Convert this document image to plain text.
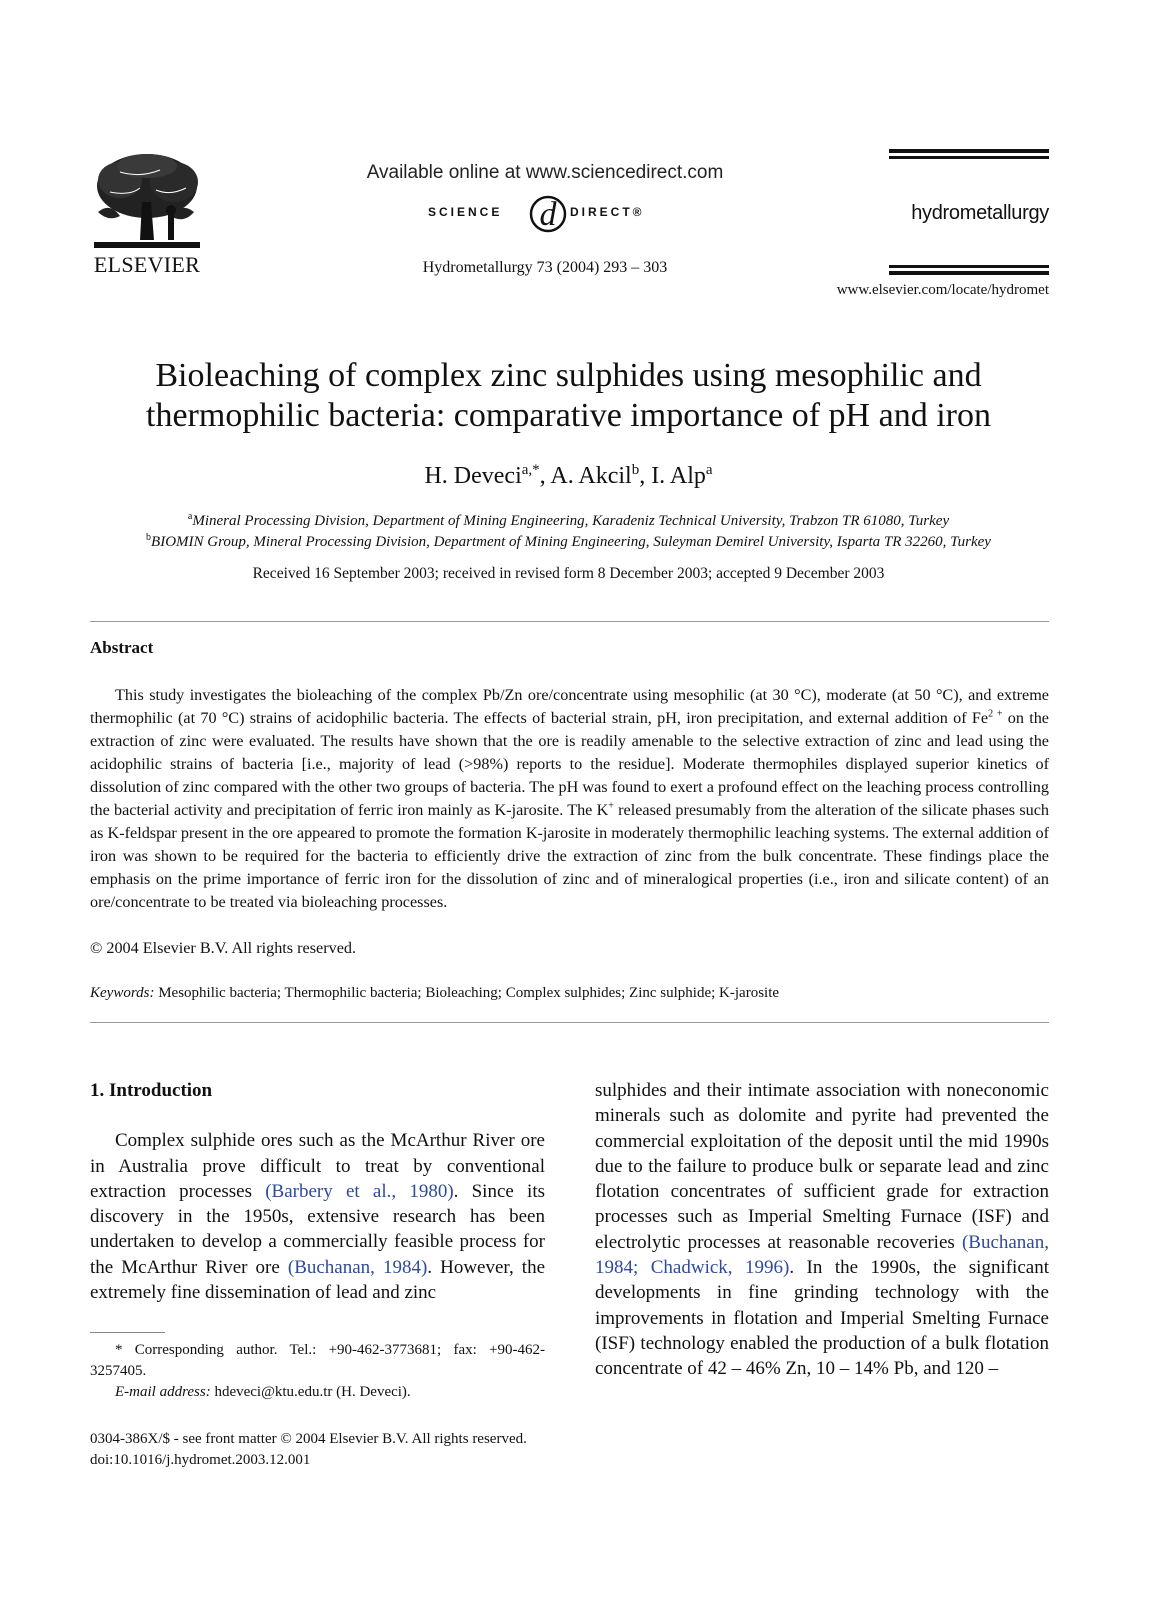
ELSEVIER
Available online at www.sciencedirect.com
SCIENCE d DIRECT®
Hydrometallurgy 73 (2004) 293 – 303
hydrometallurgy
www.elsevier.com/locate/hydromet
Bioleaching of complex zinc sulphides using mesophilic and
thermophilic bacteria: comparative importance of pH and iron
H. Deveci$^{a,*}$, A. Akcil$^b$, I. Alp$^a$
$^a$Mineral Processing Division, Department of Mining Engineering, Karadeniz Technical University, Trabzon TR 61080, Turkey
$^b$BIOMIN Group, Mineral Processing Division, Department of Mining Engineering, Suleyman Demirel University, Isparta TR 32260, Turkey
Received 16 September 2003; received in revised form 8 December 2003; accepted 9 December 2003
Abstract

This study investigates the bioleaching of the complex Pb/Zn ore/concentrate using mesophilic (at 30 °C), moderate (at 50 °C), and extreme thermophilic (at 70 °C) strains of acidophilic bacteria. The effects of bacterial strain, pH, iron precipitation, and external addition of $Fe^{2 +}$ on the extraction of zinc were evaluated. The results have shown that the ore is readily amenable to the selective extraction of zinc and lead using the acidophilic strains of bacteria [i.e., majority of lead (>98%) reports to the residue]. Moderate thermophiles displayed superior kinetics of dissolution of zinc compared with the other two groups of bacteria. The pH was found to exert a profound effect on the leaching process controlling the bacterial activity and precipitation of ferric iron mainly as K-jarosite. The K+ released presumably from the alteration of the silicate phases such as K-feldspar present in the ore appeared to promote the formation K-jarosite in moderately thermophilic leaching systems. The external addition of iron was shown to be required for the bacteria to efficiently drive the extraction of zinc from the bulk concentrate. These findings place the emphasis on the prime importance of ferric iron for the dissolution of zinc and of mineralogical properties (i.e., iron and silicate content) of an ore/concentrate to be treated via bioleaching processes.

© 2004 Elsevier B.V. All rights reserved.
Keywords: Mesophilic bacteria; Thermophilic bacteria; Bioleaching; Complex sulphides; Zinc sulphide; K-jarosite
1. Introduction

Complex sulphide ores such as the McArthur River ore in Australia prove difficult to treat by conventional extraction processes (Barbery et al., 1980). Since its discovery in the 1950s, extensive research has been undertaken to develop a commercially feasible process for the McArthur River ore (Buchanan, 1984). However, the extremely fine dissemination of lead and zinc

sulphides and their intimate association with noneconomic minerals such as dolomite and pyrite had prevented the commercial exploitation of the deposit until the mid 1990s due to the failure to produce bulk or separate lead and zinc flotation concentrates of sufficient grade for extraction processes such as Imperial Smelting Furnace (ISF) and electrolytic processes at reasonable recoveries (Buchanan, 1984; Chadwick, 1996). In the 1990s, the significant developments in fine grinding technology with the improvements in flotation and Imperial Smelting Furnace (ISF) technology enabled the production of a bulk flotation concentrate of 42 – 46% Zn, 10 – 14% Pb, and 120 –

* Corresponding author. Tel.: +90-462-3773681; fax: +90-462-3257405.

E-mail address: hdeveci@ktu.edu.tr (H. Deveci).

0304-386X/$ - see front matter © 2004 Elsevier B.V. All rights reserved.
doi:10.1016/j.hydromet.2003.12.001
